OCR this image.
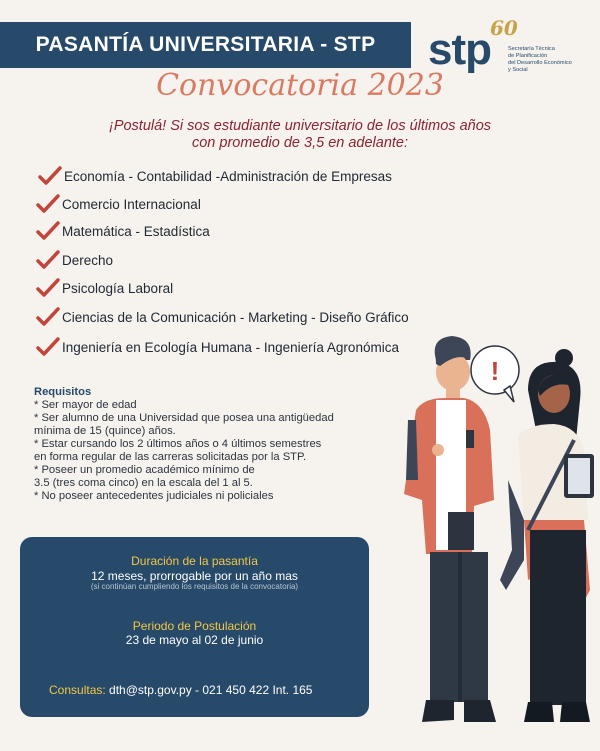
PASANTÍA UNIVERSITARIA - STP	stp 60
Secretaría Técnica
de Planificación
del Desarrollo Económico
y Social
Convocatoria 2023
¡Postulá! Si sos estudiante universitario de los últimos años
con promedio de 3,5 en adelante:
Economía - Contabilidad -Administración de Empresas
Comercio Internacional
Matemática - Estadística
Derecho
Psicología Laboral
Ciencias de la Comunicación - Marketing - Diseño Gráfico
Ingeniería en Ecología Humana - Ingeniería Agronómica
Requisitos
* Ser mayor de edad
* Ser alumno de una Universidad que posea una antigüedad
mínima de 15 (quince) años.
* Estar cursando los 2 últimos años o 4 últimos semestres
en forma regular de las carreras solicitadas por la STP.
* Poseer un promedio académico mínimo de
3.5 (tres coma cinco) en la escala del 1 al 5.
* No poseer antecedentes judiciales ni policiales
Duración de la pasantía
12 meses, prorrogable por un año mas
(si continúan cumpliendo los requisitos de la convocatoria)
Periodo de Postulación
23 de mayo al 02 de junio
Consultas: dth@stp.gov.py - 021 450 422 Int. 165
!
